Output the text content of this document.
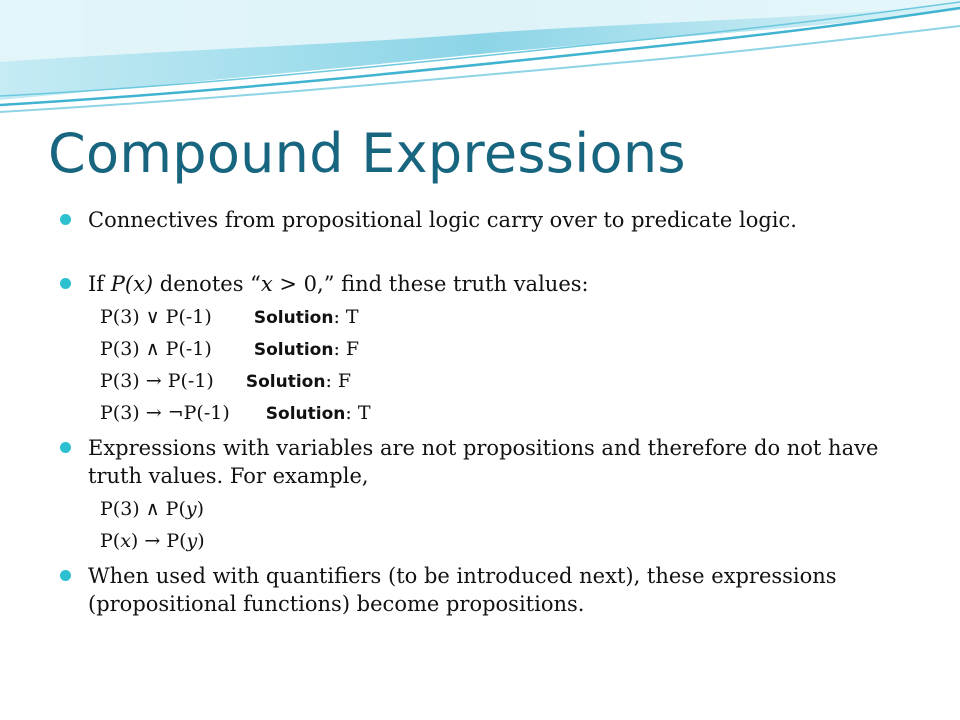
Compound Expressions
Connectives from propositional logic carry over to predicate logic.
If P(x) denotes “x > 0,” find these truth values:
P(3) ∨ P(-1) Solution: T
P(3) ∧ P(-1) Solution: F
P(3) → P(-1) Solution: F
P(3) → ¬P(-1) Solution: T
Expressions with variables are not propositions and therefore do not have truth values. For example,
P(3) ∧ P(y)
P(x) → P(y)
When used with quantifiers (to be introduced next), these expressions (propositional functions) become propositions.
